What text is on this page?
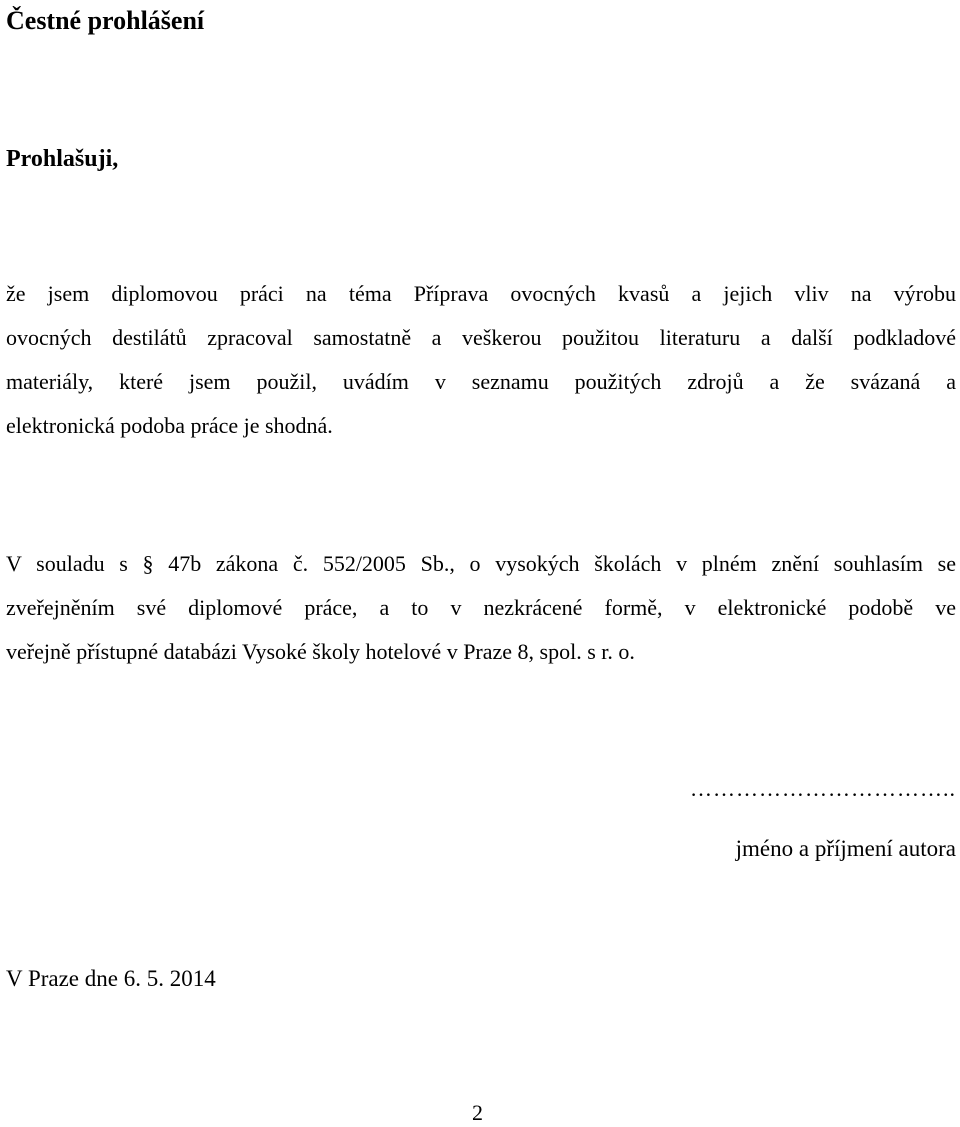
Čestné prohlášení

Prohlašuji,

že jsem diplomovou práci na téma Příprava ovocných kvasů a jejich vliv na výrobu
ovocných destilátů zpracoval samostatně a veškerou použitou literaturu a další podkladové
materiály, které jsem použil, uvádím v seznamu použitých zdrojů a že svázaná a
elektronická podoba práce je shodná.
V souladu s § 47b zákona č. 552/2005 Sb., o vysokých školách v plném znění souhlasím se
zveřejněním své diplomové práce, a to v nezkrácené formě, v elektronické podobě ve
veřejně přístupné databázi Vysoké školy hotelové v Praze 8, spol. s r. o.
……………………………..
jméno a příjmení autora
V Praze dne 6. 5. 2014
2
